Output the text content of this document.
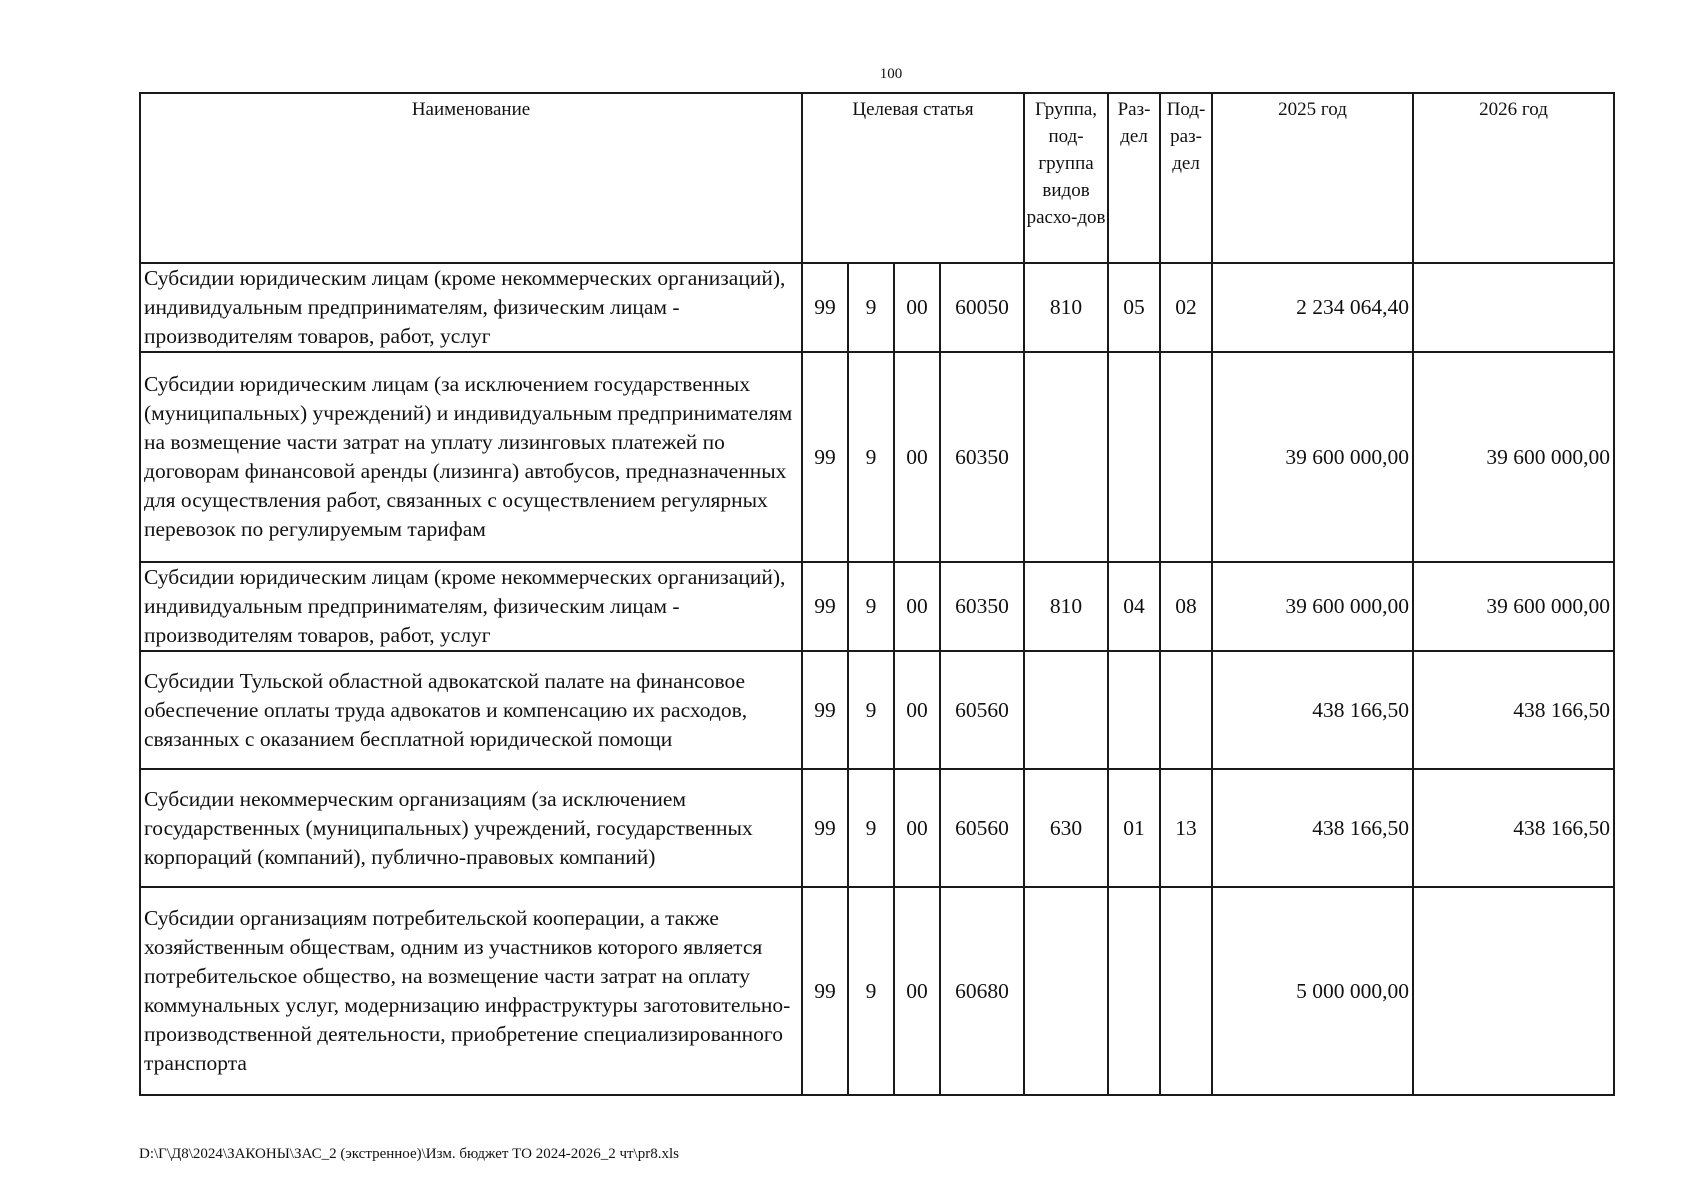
100
Наименование	Целевая статья				Группа, под-группа видов расхо-дов	Раз-дел	Под-раз-дел	2025 год	2026 год
Субсидии юридическим лицам (кроме некоммерческих организаций), индивидуальным предпринимателям, физическим лицам - производителям товаров, работ, услуг	99	9	00	60050	810	05	02	2 234 064,40	
Субсидии юридическим лицам (за исключением государственных (муниципальных) учреждений) и индивидуальным предпринимателям на возмещение части затрат на уплату лизинговых платежей по договорам финансовой аренды (лизинга) автобусов, предназначенных для осуществления работ, связанных с осуществлением регулярных перевозок по регулируемым тарифам	99	9	00	60350				39 600 000,00	39 600 000,00
Субсидии юридическим лицам (кроме некоммерческих организаций), индивидуальным предпринимателям, физическим лицам - производителям товаров, работ, услуг	99	9	00	60350	810	04	08	39 600 000,00	39 600 000,00
Субсидии Тульской областной адвокатской палате на финансовое обеспечение оплаты труда адвокатов и компенсацию их расходов, связанных с оказанием бесплатной юридической помощи	99	9	00	60560				438 166,50	438 166,50
Субсидии некоммерческим организациям (за исключением государственных (муниципальных) учреждений, государственных корпораций (компаний), публично-правовых компаний)	99	9	00	60560	630	01	13	438 166,50	438 166,50
Субсидии организациям потребительской кооперации, а также хозяйственным обществам, одним из участников которого является потребительское общество, на возмещение части затрат на оплату коммунальных услуг, модернизацию инфраструктуры заготовительно-производственной деятельности, приобретение специализированного транспорта	99	9	00	60680				5 000 000,00	
D:\Г\Д8\2024\ЗАКОНЫ\ЗАС_2 (экстренное)\Изм. бюджет ТО 2024-2026_2 чт\pr8.xls
